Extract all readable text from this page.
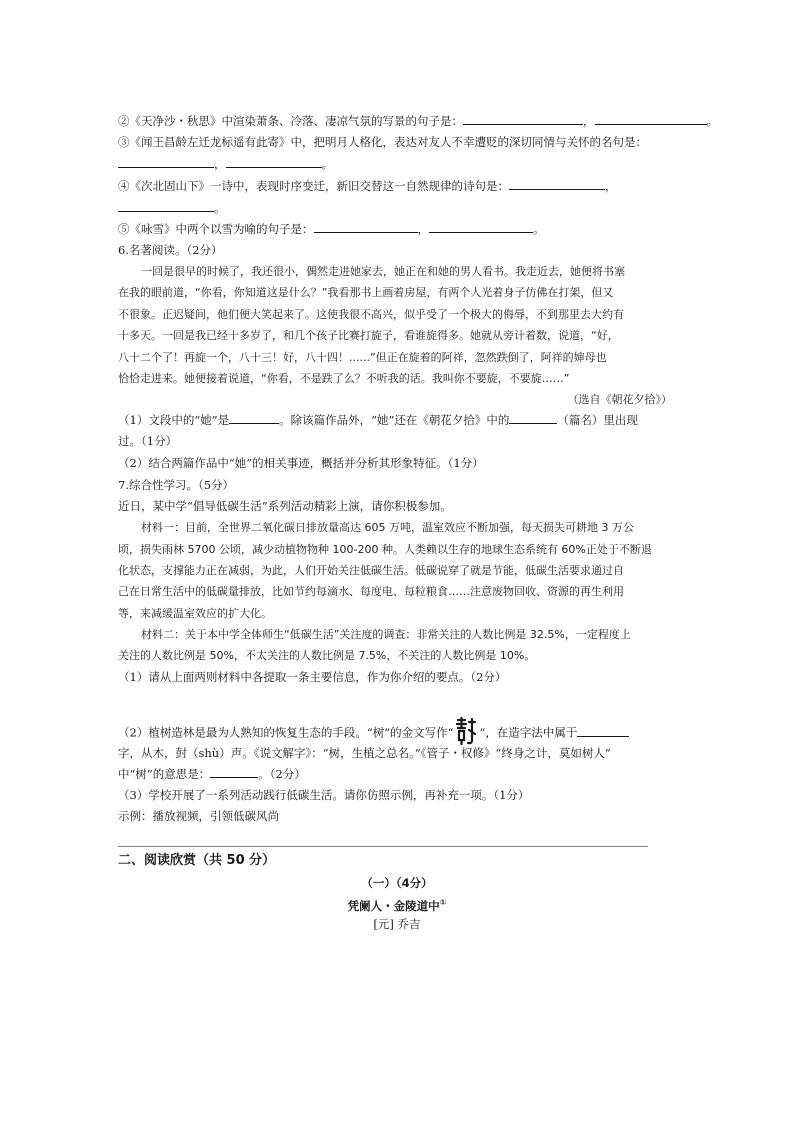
②《天净沙・秋思》中渲染萧条、冷落、凄凉气氛的写景的句子是：	，	。
③《闻王昌龄左迁龙标遥有此寄》中，把明月人格化，表达对友人不幸遭贬的深切同情与关怀的名句是：
，	。
④《次北固山下》一诗中，表现时序变迁，新旧交替这一自然规律的诗句是：	，
。
⑤《咏雪》中两个以雪为喻的句子是：	，	。
6.名著阅读。（2分）
一回是很早的时候了，我还很小，偶然走进她家去，她正在和她的男人看书。我走近去，她便将书塞
在我的眼前道，“你看，你知道这是什么？”我看那书上画着房屋，有两个人光着身子仿佛在打架，但又
不很象。正迟疑间，他们便大笑起来了。这使我很不高兴，似乎受了一个极大的侮辱，不到那里去大约有
十多天。一回是我已经十多岁了，和几个孩子比赛打旋子，看谁旋得多。她就从旁计着数，说道，“好，
八十二个了！再旋一个，八十三！好，八十四！......”但正在旋着的阿祥，忽然跌倒了，阿祥的婶母也
恰恰走进来。她便接着说道，“你看，不是跌了么？不听我的话。我叫你不要旋，不要旋……”
（选自《朝花夕拾》）
（1）文段中的“她”是	。除该篇作品外，“她”还在《朝花夕拾》中的	（篇名）里出现
过。（1分）
（2）结合两篇作品中“她”的相关事迹，概括并分析其形象特征。（1分）
7.综合性学习。（5分）
近日，某中学“倡导低碳生活”系列活动精彩上演，请你积极参加。
材料一：目前，全世界二氧化碳日排放量高达 605 万吨，温室效应不断加强，每天损失可耕地 3 万公
顷，损失雨林 5700 公顷，减少动植物物种 100-200 种。人类赖以生存的地球生态系统有 60%正处于不断退
化状态，支撑能力正在减弱，为此，人们开始关注低碳生活。低碳说穿了就是节能，低碳生活要求通过自
己在日常生活中的低碳量排放，比如节约每滴水、每度电、每粒粮食……注意废物回收、资源的再生利用
等，来减缓温室效应的扩大化。
材料二：关于本中学全体师生“低碳生活”关注度的调查：非常关注的人数比例是 32.5%，一定程度上
关注的人数比例是 50%，不太关注的人数比例是 7.5%，不关注的人数比例是 10%。
（1）请从上面两则材料中各提取一条主要信息，作为你介绍的要点。（2分）
（2）植树造林是最为人熟知的恢复生态的手段。“树”的金文写作“ ”，在造字法中属于
字，从木，尌（shù）声。《说文解字》：“树，生植之总名。”《管子・权修》“终身之计，莫如树人”
中“树”的意思是：	。（2分）
（3）学校开展了一系列活动践行低碳生活。请你仿照示例，再补充一项。（1分）
示例：播放视频，引领低碳风尚
二、阅读欣赏（共 50 分）
（一）（4分）
凭阑人・金陵道中①
[元] 乔吉
